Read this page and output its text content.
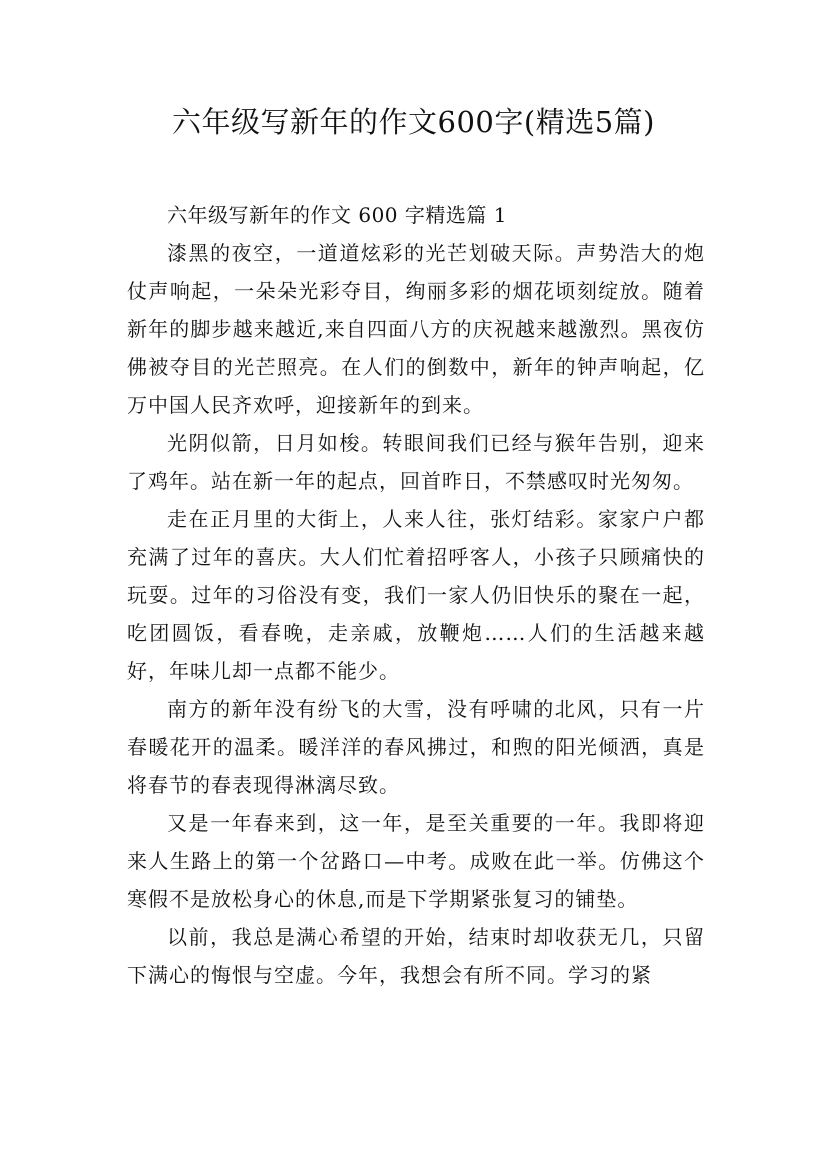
六年级写新年的作文600字(精选5篇)

六年级写新年的作文 600 字精选篇 1

漆黑的夜空，一道道炫彩的光芒划破天际。声势浩大的炮仗声响起，一朵朵光彩夺目，绚丽多彩的烟花顷刻绽放。随着新年的脚步越来越近,来自四面八方的庆祝越来越激烈。黑夜仿佛被夺目的光芒照亮。在人们的倒数中，新年的钟声响起，亿万中国人民齐欢呼，迎接新年的到来。

光阴似箭，日月如梭。转眼间我们已经与猴年告别，迎来了鸡年。站在新一年的起点，回首昨日，不禁感叹时光匆匆。

走在正月里的大街上，人来人往，张灯结彩。家家户户都充满了过年的喜庆。大人们忙着招呼客人，小孩子只顾痛快的玩耍。过年的习俗没有变，我们一家人仍旧快乐的聚在一起，吃团圆饭，看春晚，走亲戚，放鞭炮……人们的生活越来越好，年味儿却一点都不能少。

南方的新年没有纷飞的大雪，没有呼啸的北风，只有一片春暖花开的温柔。暖洋洋的春风拂过，和煦的阳光倾洒，真是将春节的春表现得淋漓尽致。

又是一年春来到，这一年，是至关重要的一年。我即将迎来人生路上的第一个岔路口—中考。成败在此一举。仿佛这个寒假不是放松身心的休息,而是下学期紧张复习的铺垫。

以前，我总是满心希望的开始，结束时却收获无几，只留下满心的悔恨与空虚。今年，我想会有所不同。学习的紧
